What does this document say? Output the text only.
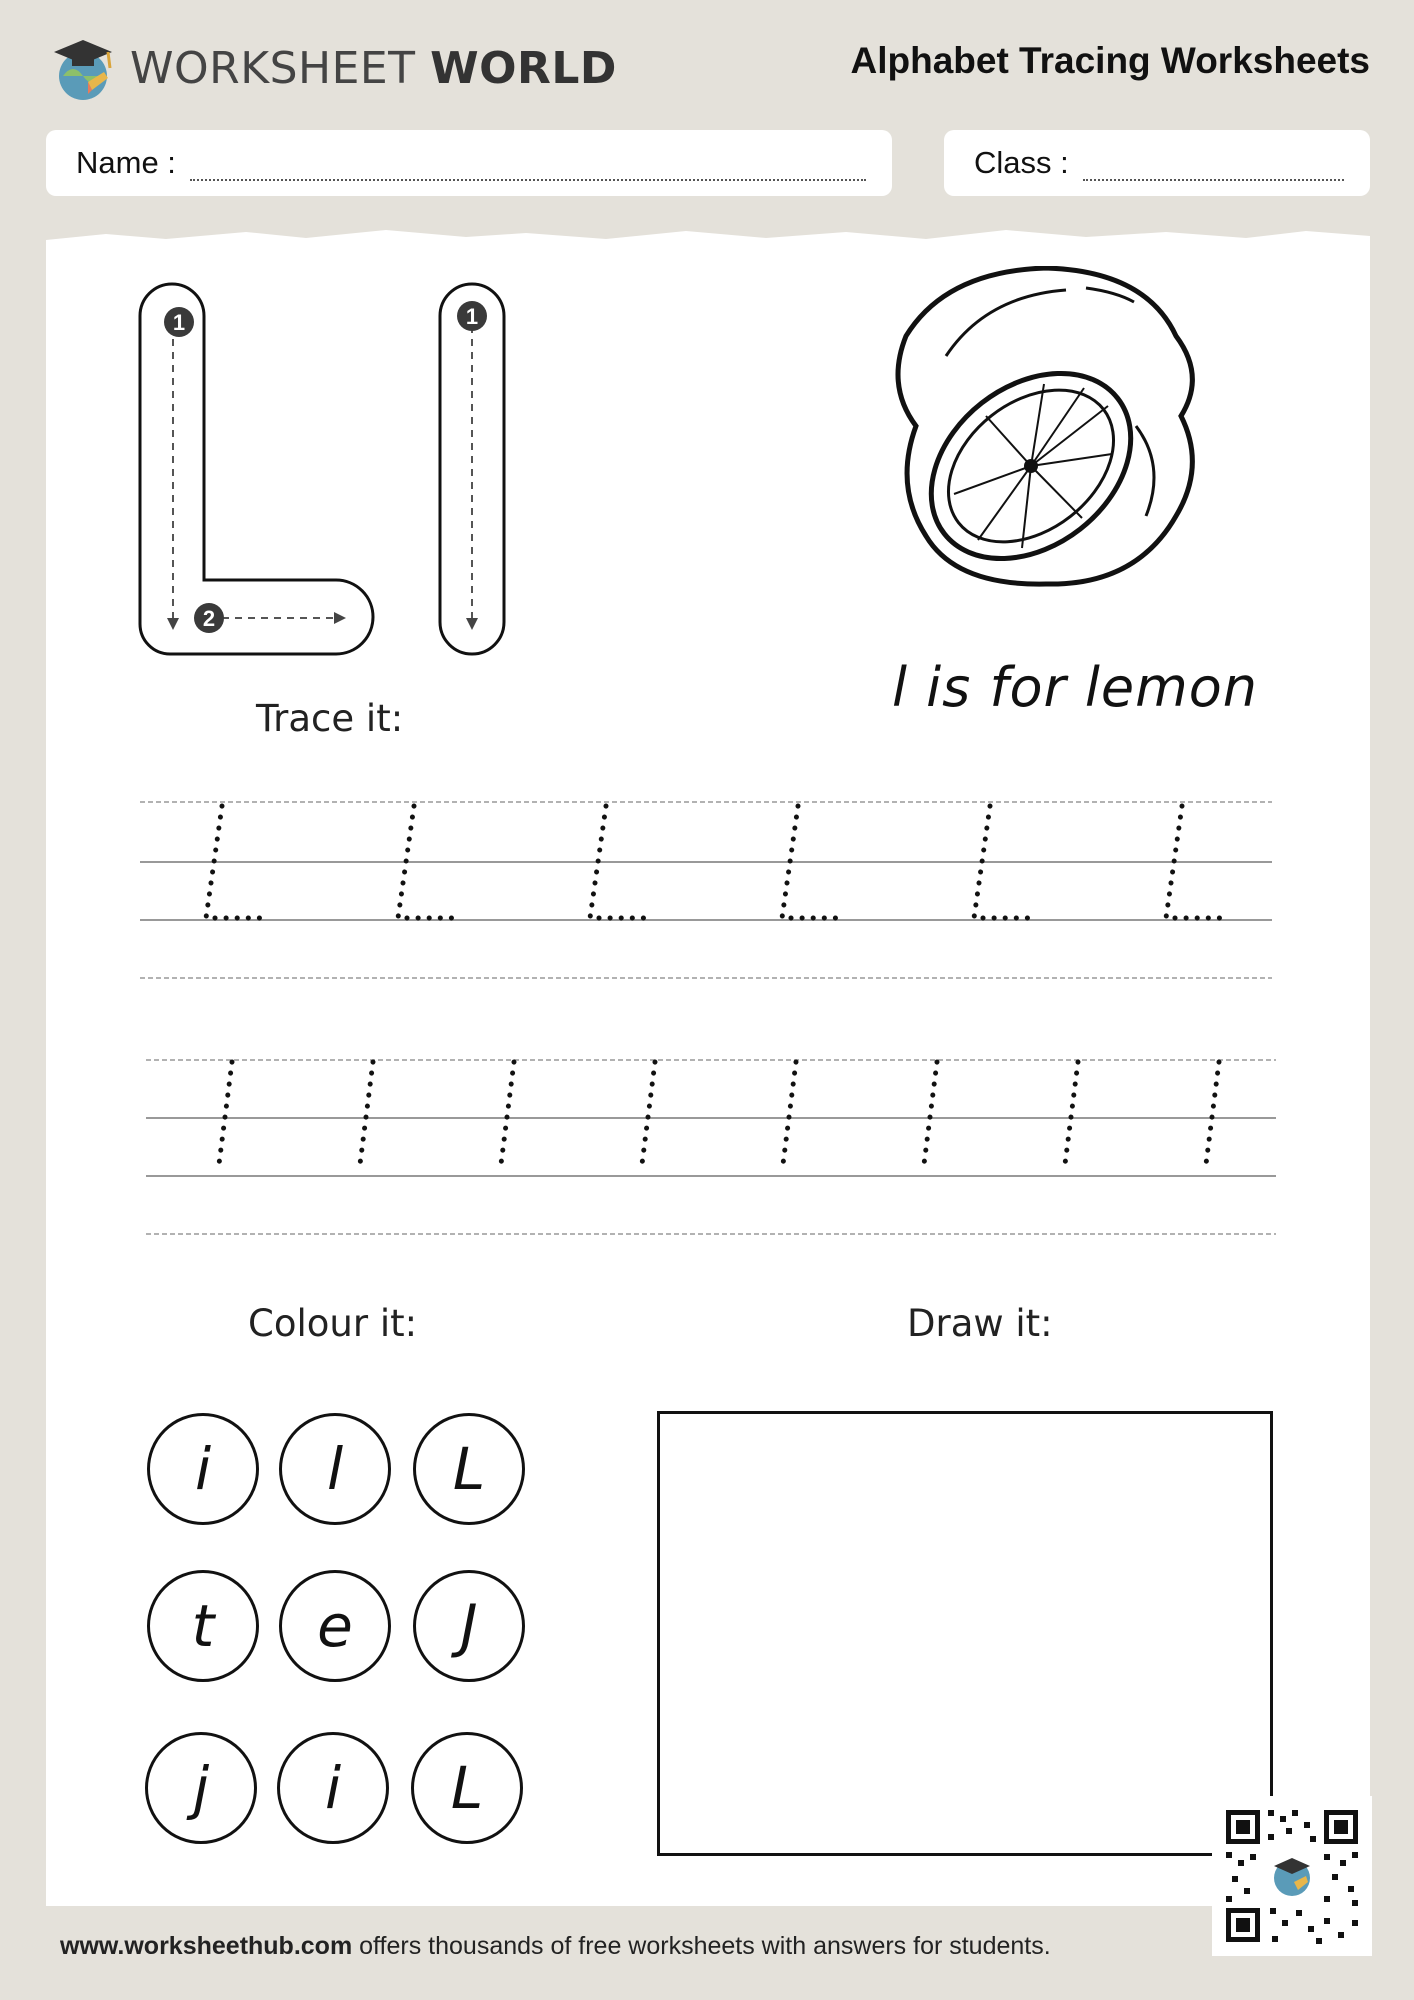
WORKSHEET WORLD	Alphabet Tracing Worksheets
Name :	Class :
1
2
1
l is for lemon
Trace it:
Colour it:
i	l	L
t	e	J
j	i	L
Draw it:
www.worksheethub.com offers thousands of free worksheets with answers for students.
